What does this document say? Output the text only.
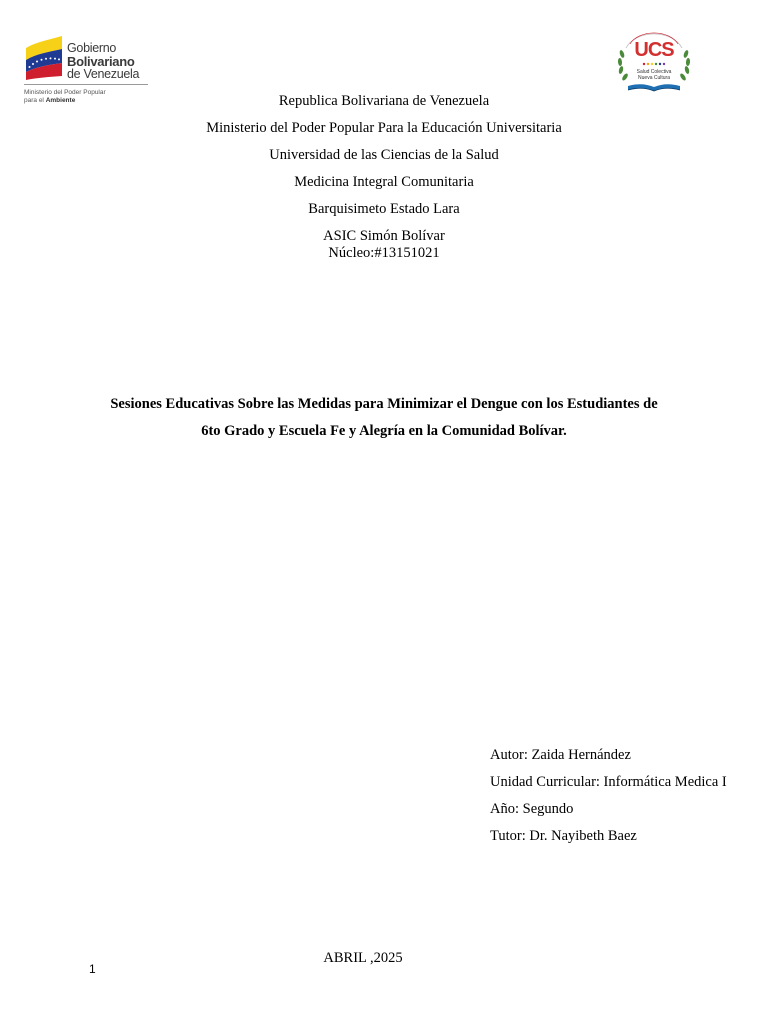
Gobierno
Bolivariano
de Venezuela
Ministerio del Poder Popular
para el Ambiente
UCS
Salud Colectiva Nueva Cultura
Republica Bolivariana de Venezuela
Ministerio del Poder Popular Para la Educación Universitaria
Universidad de las Ciencias de la Salud
Medicina Integral Comunitaria
Barquisimeto Estado Lara
ASIC Simón Bolívar
Núcleo:#13151021
Sesiones Educativas Sobre las Medidas para Minimizar el Dengue con los Estudiantes de
6to Grado y Escuela Fe y Alegría en la Comunidad Bolívar.
Autor: Zaida Hernández
Unidad Curricular: Informática Medica I
Año: Segundo
Tutor: Dr. Nayibeth Baez
ABRIL ,2025
1
